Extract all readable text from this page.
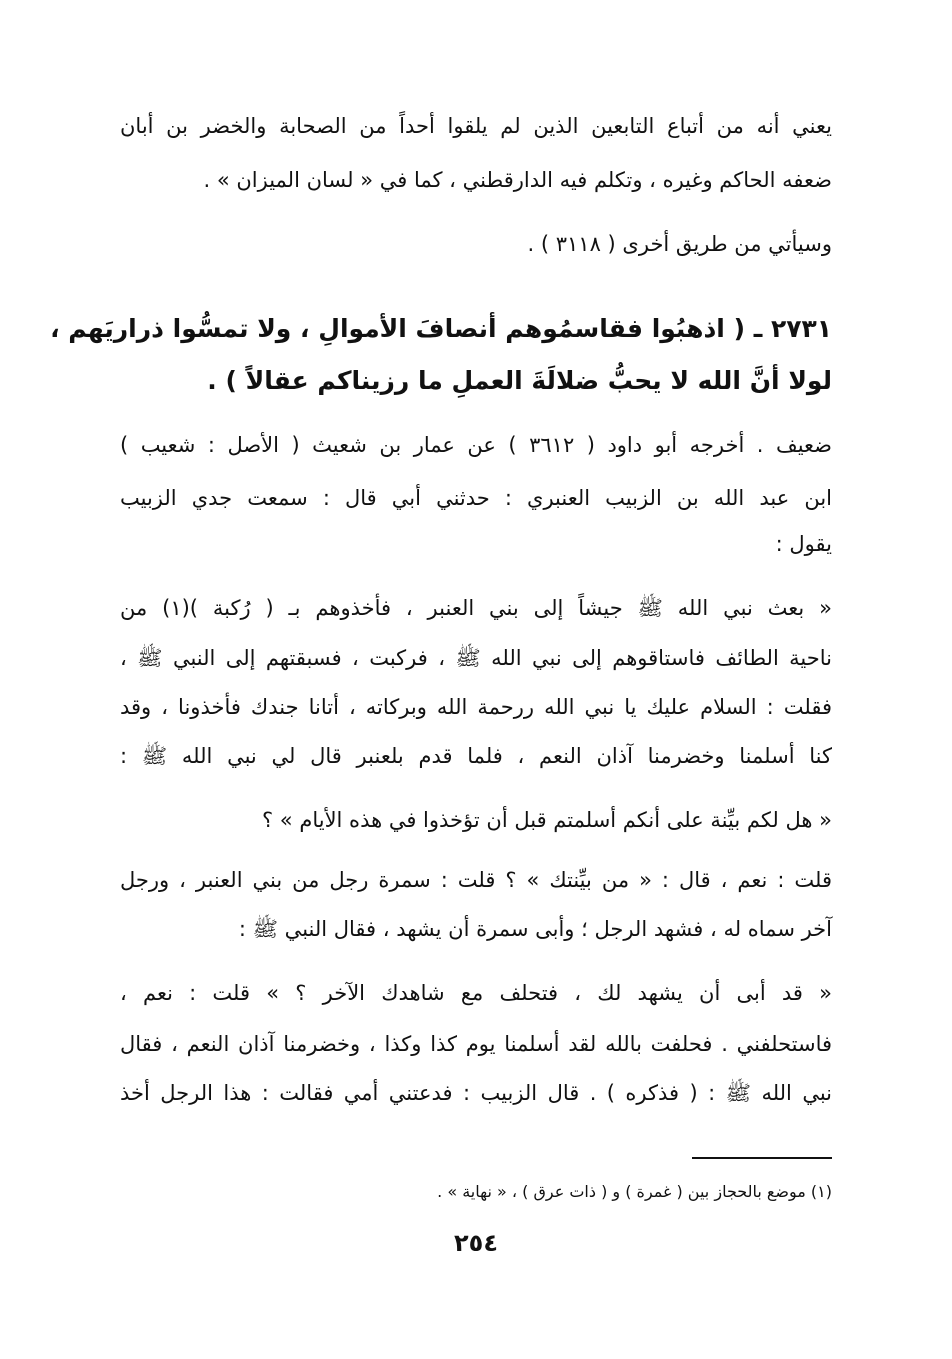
يعني أنه من أتباع التابعين الذين لم يلقوا أحداً من الصحابة والخضر بن أبان
ضعفه الحاكم وغيره ، وتكلم فيه الدارقطني ، كما في « لسان الميزان » .
وسيأتي من طريق أخرى ( ٣١١٨ ) .
٢٧٣١ ـ ( اذهبُوا فقاسمُوهم أنصافَ الأموالِ ، ولا تمسُّوا ذراريَهم ،
لولا أنَّ الله لا يحبُّ ضلالَةَ العملِ ما رزيناكم عقالاً ) .
ضعيف . أخرجه أبو داود ( ٣٦١٢ ) عن عمار بن شعيث ( الأصل : شعيب )
ابن عبد الله بن الزبيب العنبري : حدثني أبي قال : سمعت جدي الزبيب
يقول :
« بعث نبي الله ﷺ جيشاً إلى بني العنبر ، فأخذوهم بـ ( رُكبة )(١) من
ناحية الطائف فاستاقوهم إلى نبي الله ﷺ ، فركبت ، فسبقتهم إلى النبي ﷺ ،
فقلت : السلام عليك يا نبي الله ررحمة الله وبركاته ، أتانا جندك فأخذونا ، وقد
كنا أسلمنا وخضرمنا آذان النعم ، فلما قدم بلعنبر قال لي نبي الله ﷺ :
« هل لكم بيِّنة على أنكم أسلمتم قبل أن تؤخذوا في هذه الأيام » ؟
قلت : نعم ، قال : « من بيِّنتك » ؟ قلت : سمرة رجل من بني العنبر ، ورجل
آخر سماه له ، فشهد الرجل ؛ وأبى سمرة أن يشهد ، فقال النبي ﷺ :
« قد أبى أن يشهد لك ، فتحلف مع شاهدك الآخر ؟ » قلت : نعم ،
فاستحلفني . فحلفت بالله لقد أسلمنا يوم كذا وكذا ، وخضرمنا آذان النعم ، فقال
نبي الله ﷺ : ( فذكره ) . قال الزبيب : فدعتني أمي فقالت : هذا الرجل أخذ
(١) موضع بالحجاز بين ( غمرة ) و ( ذات عرق ) ، « نهاية » .
٢٥٤
